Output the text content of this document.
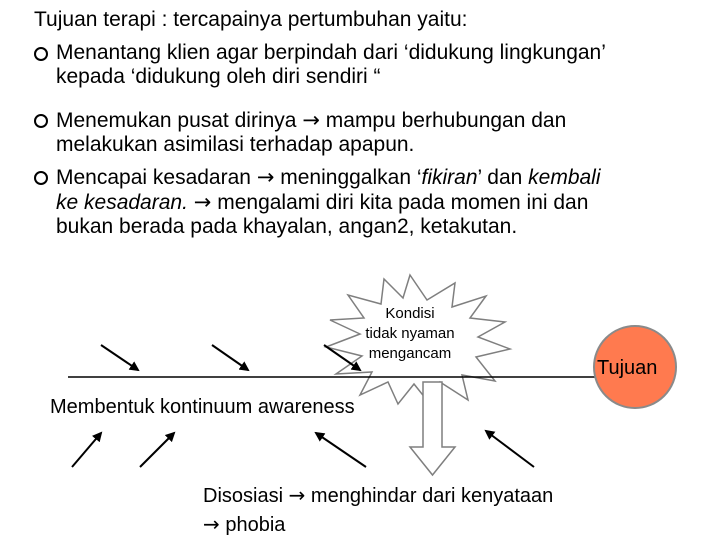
Tujuan terapi : tercapainya pertumbuhan yaitu:
Menantang klien agar berpindah dari ‘didukung lingkungan’
kepada ‘didukung oleh diri sendiri “
Menemukan pusat dirinya → mampu berhubungan dan
melakukan asimilasi terhadap apapun.
Mencapai kesadaran → meninggalkan ‘fikiran’ dan kembali
ke kesadaran. → mengalami diri kita pada momen ini dan
bukan berada pada khayalan, angan2, ketakutan.
Kondisi
tidak nyaman
mengancam
Tujuan
Membentuk kontinuum awareness
Disosiasi → menghindar dari kenyataan
→ phobia
